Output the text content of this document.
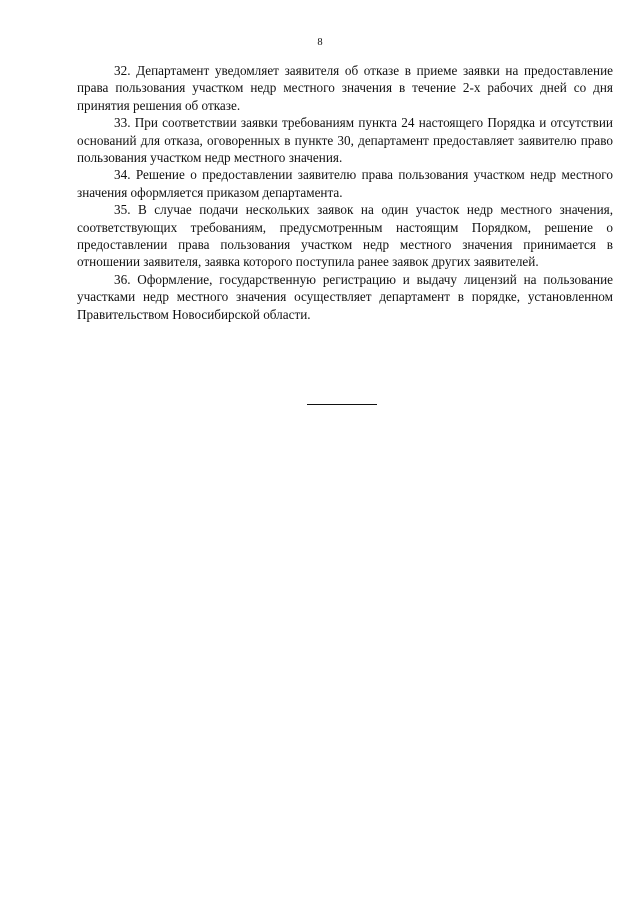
8

32. Департамент уведомляет заявителя об отказе в приеме заявки на предоставление права пользования участком недр местного значения в течение 2-х рабочих дней со дня принятия решения об отказе.

33. При соответствии заявки требованиям пункта 24 настоящего Порядка и отсутствии оснований для отказа, оговоренных в пункте 30, департамент предоставляет заявителю право пользования участком недр местного значения.

34. Решение о предоставлении заявителю права пользования участком недр местного значения оформляется приказом департамента.

35. В случае подачи нескольких заявок на один участок недр местного значения, соответствующих требованиям, предусмотренным настоящим Порядком, решение о предоставлении права пользования участком недр местного значения принимается в отношении заявителя, заявка которого поступила ранее заявок других заявителей.

36. Оформление, государственную регистрацию и выдачу лицензий на пользование участками недр местного значения осуществляет департамент в порядке, установленном Правительством Новосибирской области.
